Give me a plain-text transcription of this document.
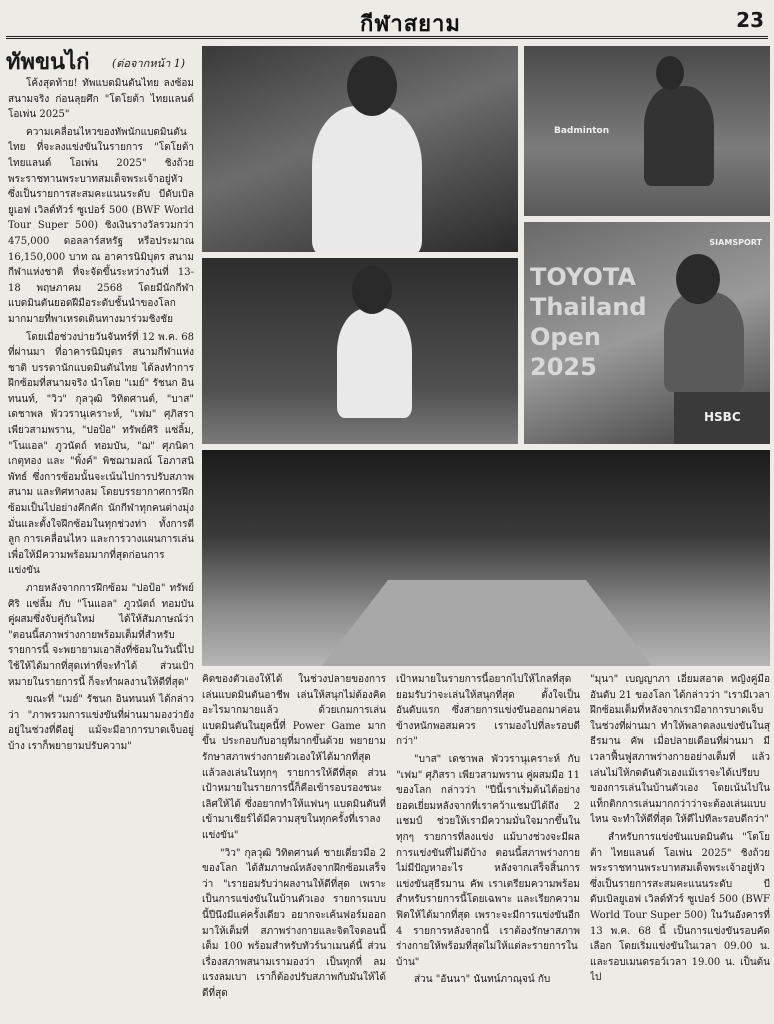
กีฬาสยาม	23
ทัพขนไก่ (ต่อจากหน้า 1)

โค้งสุดท้าย! ทัพแบดมินตันไทย ลงซ้อมสนามจริง ก่อนลุยศึก "โตโยต้า ไทยแลนด์ โอเพ่น 2025"

ความเคลื่อนไหวของทัพนักแบดมินตันไทย ที่จะลงแข่งขันในรายการ "โตโยต้า ไทยแลนด์ โอเพ่น 2025" ชิงถ้วยพระราชทานพระบาทสมเด็จพระเจ้าอยู่หัว ซึ่งเป็นรายการสะสมคะแนนระดับ บีดับเบิลยูเอฟ เวิลด์ทัวร์ ซูเปอร์ 500 (BWF World Tour Super 500) ชิงเงินรางวัลรวมกว่า 475,000 ดอลลาร์สหรัฐ หรือประมาณ 16,150,000 บาท ณ อาคารนิมิบุตร สนามกีฬาแห่งชาติ ที่จะจัดขึ้นระหว่างวันที่ 13-18 พฤษภาคม 2568 โดยมีนักกีฬาแบดมินตันยอดฝีมือระดับชั้นนำของโลกมากมายที่พาเหรดเดินทางมาร่วมชิงชัย

โดยเมื่อช่วงบ่ายวันจันทร์ที่ 12 พ.ค. 68 ที่ผ่านมา ที่อาคารนิมิบุตร สนามกีฬาแห่งชาติ บรรดานักแบดมินตันไทย ได้ลงทำการฝึกซ้อมที่สนามจริง นำโดย "เมย์" รัชนก อินทนนท์, "วิว" กุลวุฒิ วิทิตศานต์, "บาส" เดชาพล พัววรานุเคราะห์, "เฟม" ศุภิสรา เพียวสามพราน, "ปอป้อ" ทรัพย์ศิริ แซ่ลิ้ม, "โนแอล" ภูวนัตถ์ ทอมบัน, "ฌ" ศุภนิดา เกตุทอง และ "พิ้งค์" พิชฌามลณ์ โอภาสนิพัทธ์ ซึ่งการซ้อมนั้นจะเน้นไปการปรับสภาพสนาม และทิศทางลม โดยบรรยากาศการฝึกซ้อมเป็นไปอย่างคึกคัก นักกีฬาทุกคนต่างมุ่งมั่นและตั้งใจฝึกซ้อมในทุกช่วงท่า ทั้งการตีลูก การเคลื่อนไหว และการวางแผนการเล่น เพื่อให้มีความพร้อมมากที่สุดก่อนการแข่งขัน

ภายหลังจากการฝึกซ้อม "ปอป้อ" ทรัพย์ศิริ แซ่ลิ้ม กับ "โนแอล" ภูวนัตถ์ ทอมบัน คู่ผสมซึ่งจับคู่กันใหม่ ได้ให้สัมภาษณ์ว่า "ตอนนี้สภาพร่างกายพร้อมเต็มที่สำหรับรายการนี้ จะพยายามเอาสิ่งที่ซ้อมในวันนี้ไปใช้ให้ได้มากที่สุดเท่าที่จะทำได้ ส่วนเป้าหมายในรายการนี้ ก็จะทำผลงานให้ดีที่สุด"

ขณะที่ "เมย์" รัชนก อินทนนท์ ได้กล่าวว่า "ภาพรวมการแข่งขันที่ผ่านมามองว่ายังอยู่ในช่วงที่ดีอยู่ แม้จะมีอาการบาดเจ็บอยู่บ้าง เราก็พยายามปรับความ"

Badminton
SIAMSPORT
TOYOTA Thailand Open 2025
HSBC

คิดของตัวเองให้ได้ ในช่วงปลายของการเล่นแบดมินตันอาชีพ เล่นให้สนุกไม่ต้องคิดอะไรมากมายแล้ว ด้วยเกมการเล่นแบดมินตันในยุคนี้ที่ Power Game มากขึ้น ประกอบกับอายุที่มากขึ้นด้วย พยายามรักษาสภาพร่างกายตัวเองให้ได้มากที่สุด แล้วลงเล่นในทุกๆ รายการให้ดีที่สุด ส่วนเป้าหมายในรายการนี้ก็คือเข้ารอบรองชนะเลิศให้ได้ ซึ่งอยากทำให้แฟนๆ แบดมินตันที่เข้ามาเชียร์ได้มีความสุขในทุกครั้งที่เราลงแข่งขัน"

"วิว" กุลวุฒิ วิทิตศานต์ ชายเดี่ยวมือ 2 ของโลก ได้สัมภาษณ์หลังจากฝึกซ้อมเสร็จว่า "เรายอมรับว่าผลงานให้ดีที่สุด เพราะเป็นการแข่งขันในบ้านตัวเอง รายการแบบนี้ปีนึงมีแค่ครั้งเดียว อยากจะเค้นฟอร์มออกมาให้เต็มที่ สภาพร่างกายและจิตใจตอนนี้เต็ม 100 พร้อมสำหรับทัวร์นาเมนต์นี้ ส่วนเรื่องสภาพสนามเรามองว่า เป็นทุกที่ ลมแรงลมเบา เราก็ต้องปรับสภาพกับมันให้ได้ดีที่สุด

เป้าหมายในรายการนี้อยากไปให้ไกลที่สุด ยอมรับว่าจะเล่นให้สนุกที่สุด ตั้งใจเป็นอันดับแรก ซึ่งสายการแข่งขันออกมาค่อนข้างหนักพอสมควร เรามองไปที่ละรอบดีกว่า"

"บาส" เดชาพล พัววรานุเคราะห์ กับ "เฟม" ศุภิสรา เพียวสามพราน คู่ผสมมือ 11 ของโลก กล่าวว่า "ปีนี้เราเริ่มต้นได้อย่างยอดเยี่ยมหลังจากที่เราคว้าแชมป์ได้ถึง 2 แชมป์ ช่วยให้เรามีความมั่นใจมากขึ้นในทุกๆ รายการที่ลงแข่ง แม้บางช่วงจะมีผลการแข่งขันที่ไม่ดีบ้าง ตอนนี้สภาพร่างกายไม่มีปัญหาอะไร หลังจากเสร็จสิ้นการแข่งขันสุธีรมาน คัพ เราเตรียมความพร้อมสำหรับรายการนี้โดยเฉพาะ และเรียกความฟิตให้ได้มากที่สุด เพราะจะมีการแข่งขันอีก 4 รายการหลังจากนี้ เราต้องรักษาสภาพร่างกายให้พร้อมที่สุดไม่ให้แต่ละรายการในบ้าน"

ส่วน "อันนา" นันทน์ภาณุจน์ กับ

"มุนา" เบญญาภา เอี่ยมสอาด หญิงคู่มืออันดับ 21 ของโลก ได้กล่าวว่า "เรามีเวลาฝึกซ้อมเต็มที่หลังจากเรามีอาการบาดเจ็บในช่วงที่ผ่านมา ทำให้พลาดลงแข่งขันในสุธีรมาน คัพ เมื่อปลายเดือนที่ผ่านมา มีเวลาฟื้นฟูสภาพร่างกายอย่างเต็มที่ แล้วเล่นไม่ให้กดดันตัวเองแม้เราจะได้เปรียบของการเล่นในบ้านตัวเอง โดยเน้นไปในแท็กติกการเล่นมากกว่าว่าจะต้องเล่นแบบไหน จะทำให้ดีที่สุด ให้ดีไปทีละรอบดีกว่า"

สำหรับการแข่งขันแบดมินตัน "โตโยต้า ไทยแลนด์ โอเพ่น 2025" ชิงถ้วยพระราชทานพระบาทสมเด็จพระเจ้าอยู่หัว ซึ่งเป็นรายการสะสมคะแนนระดับ บีดับเบิลยูเอฟ เวิลด์ทัวร์ ซูเปอร์ 500 (BWF World Tour Super 500) ในวันอังคารที่ 13 พ.ค. 68 นี้ เป็นการแข่งขันรอบคัดเลือก โดยเริ่มแข่งขันในเวลา 09.00 น. และรอบเมนดรอว์เวลา 19.00 น. เป็นต้นไป
